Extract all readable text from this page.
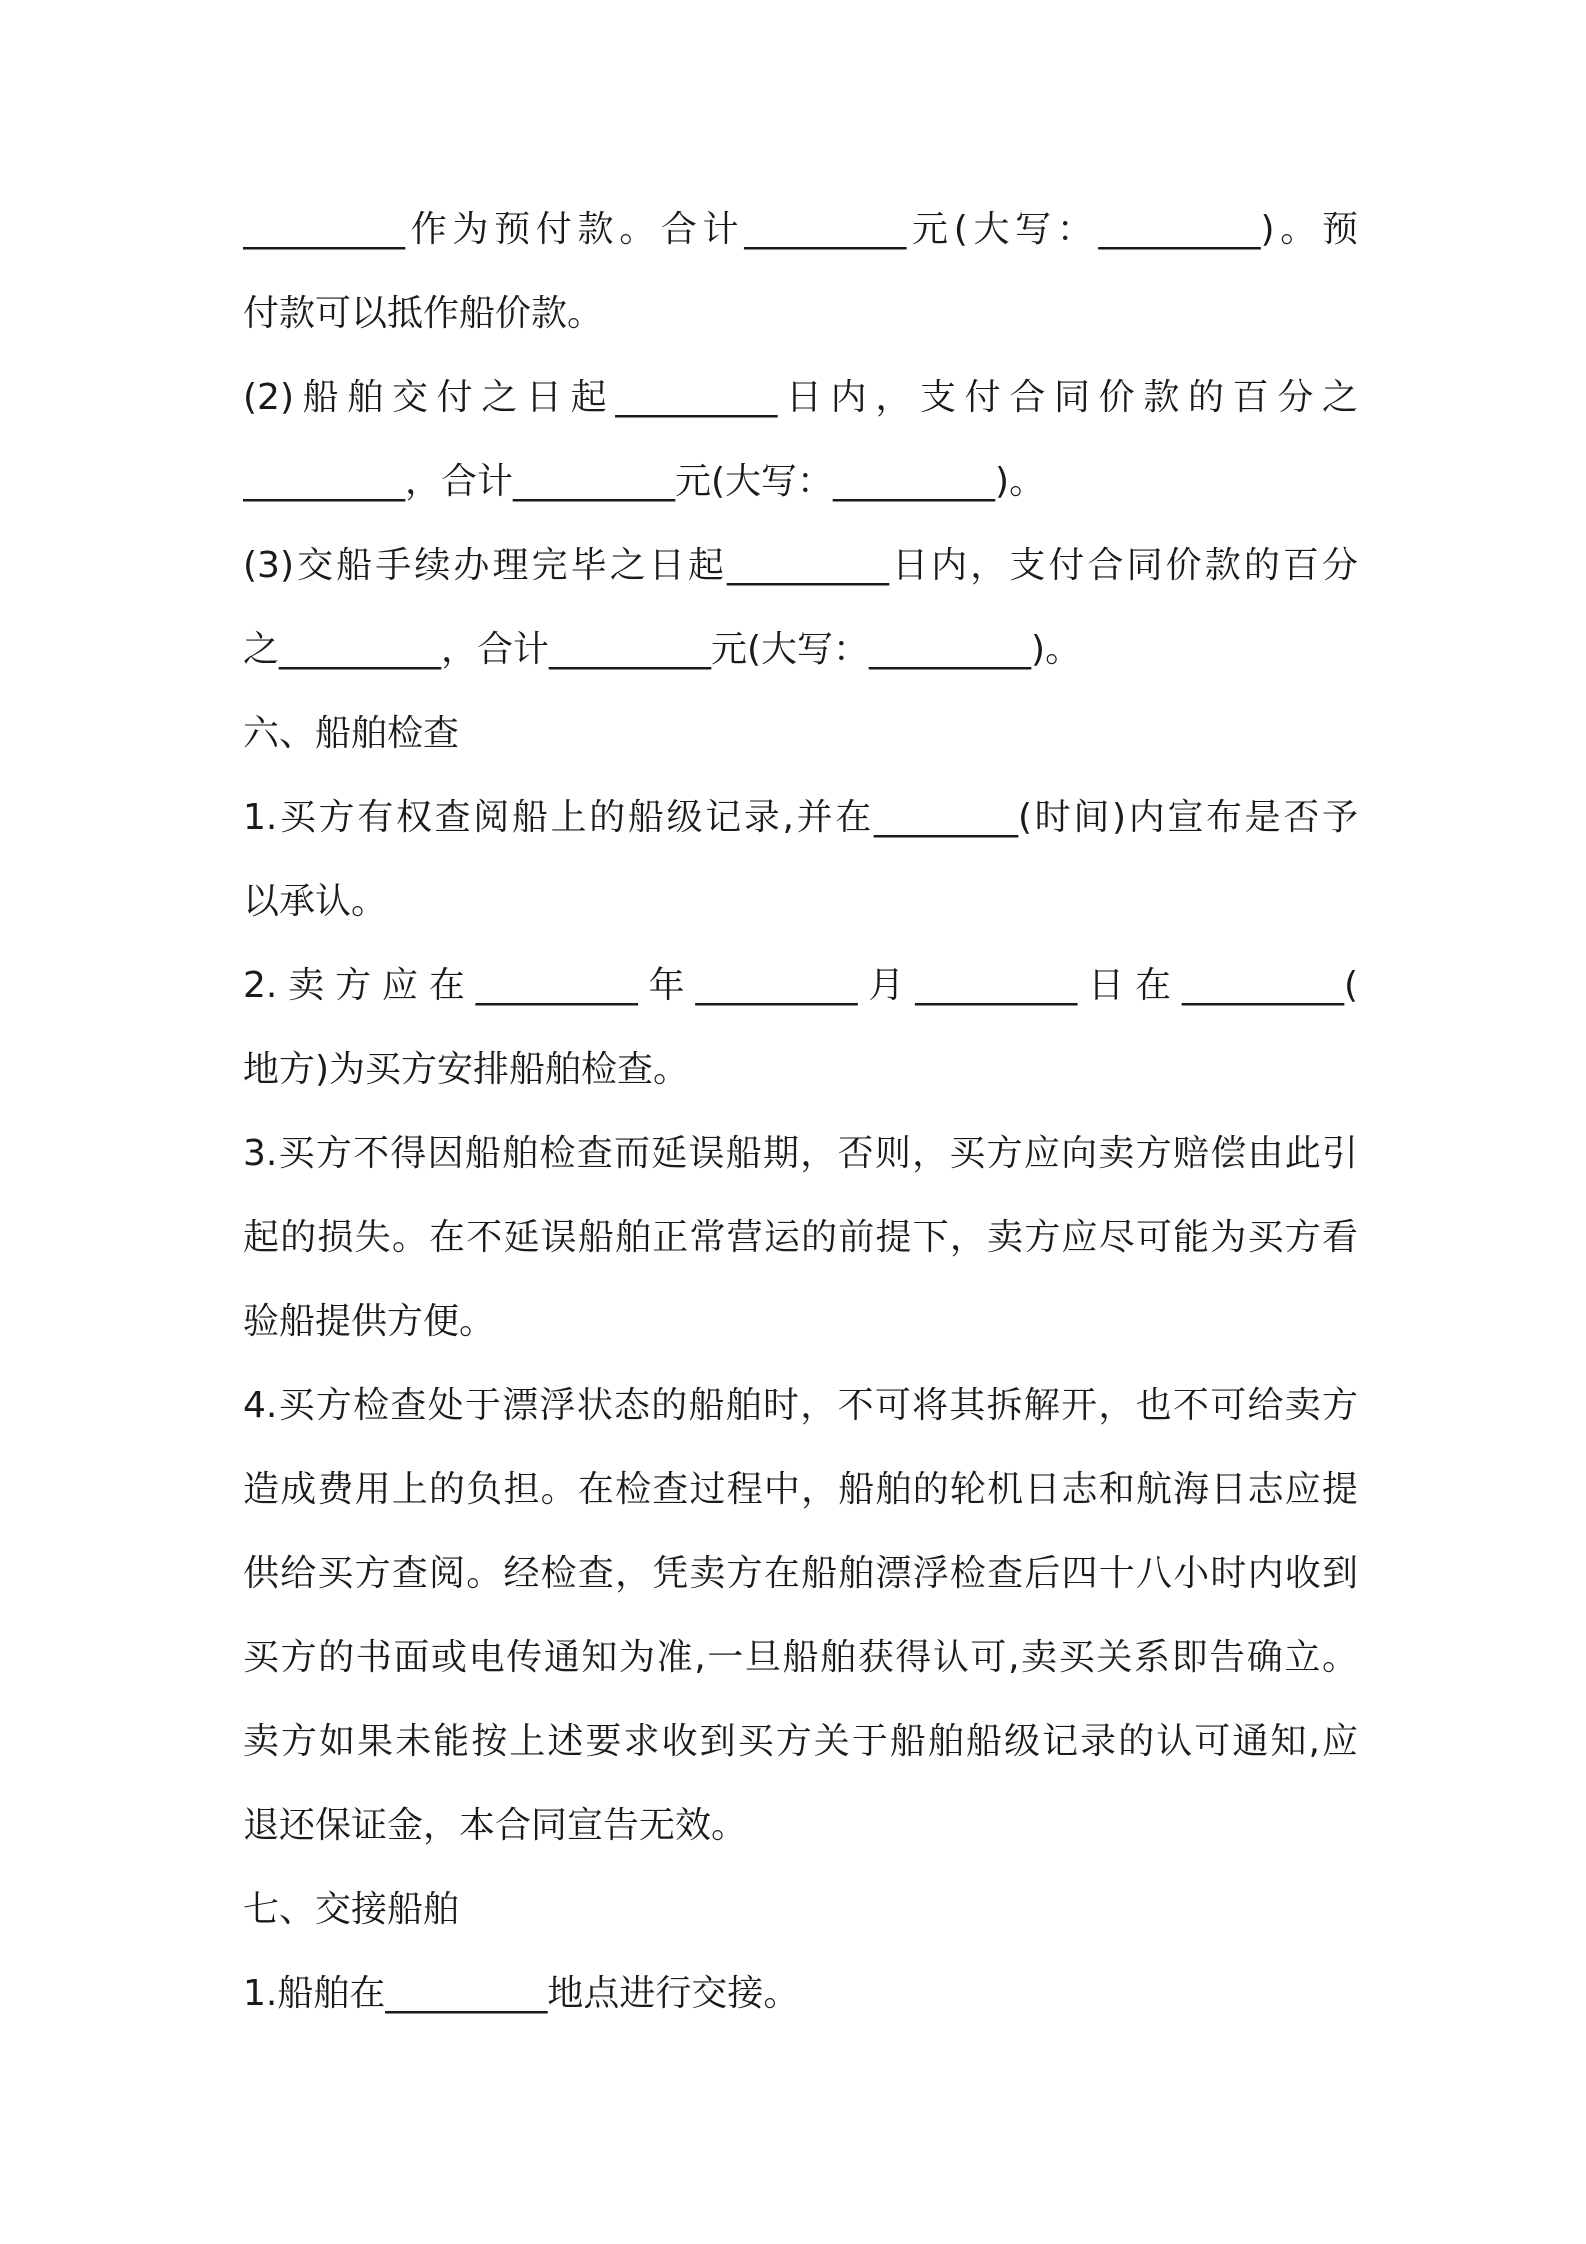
_________作为预付款。合计_________元(大写：_________)。预
付款可以抵作船价款。
(2)船舶交付之日起_________日内，支付合同价款的百分之
_________，合计_________元(大写：_________)。
(3)交船手续办理完毕之日起_________日内，支付合同价款的百分
之_________，合计_________元(大写：_________)。
六、船舶检查
1.买方有权查阅船上的船级记录,并在________(时间)内宣布是否予
以承认。
2.卖方应在_________年_________月_________日在_________(
地方)为买方安排船舶检查。
3.买方不得因船舶检查而延误船期，否则，买方应向卖方赔偿由此引
起的损失。在不延误船舶正常营运的前提下，卖方应尽可能为买方看
验船提供方便。
4.买方检查处于漂浮状态的船舶时，不可将其拆解开，也不可给卖方
造成费用上的负担。在检查过程中，船舶的轮机日志和航海日志应提
供给买方查阅。经检查，凭卖方在船舶漂浮检查后四十八小时内收到
买方的书面或电传通知为准,一旦船舶获得认可,卖买关系即告确立。
卖方如果未能按上述要求收到买方关于船舶船级记录的认可通知,应
退还保证金，本合同宣告无效。
七、交接船舶
1.船舶在_________地点进行交接。
